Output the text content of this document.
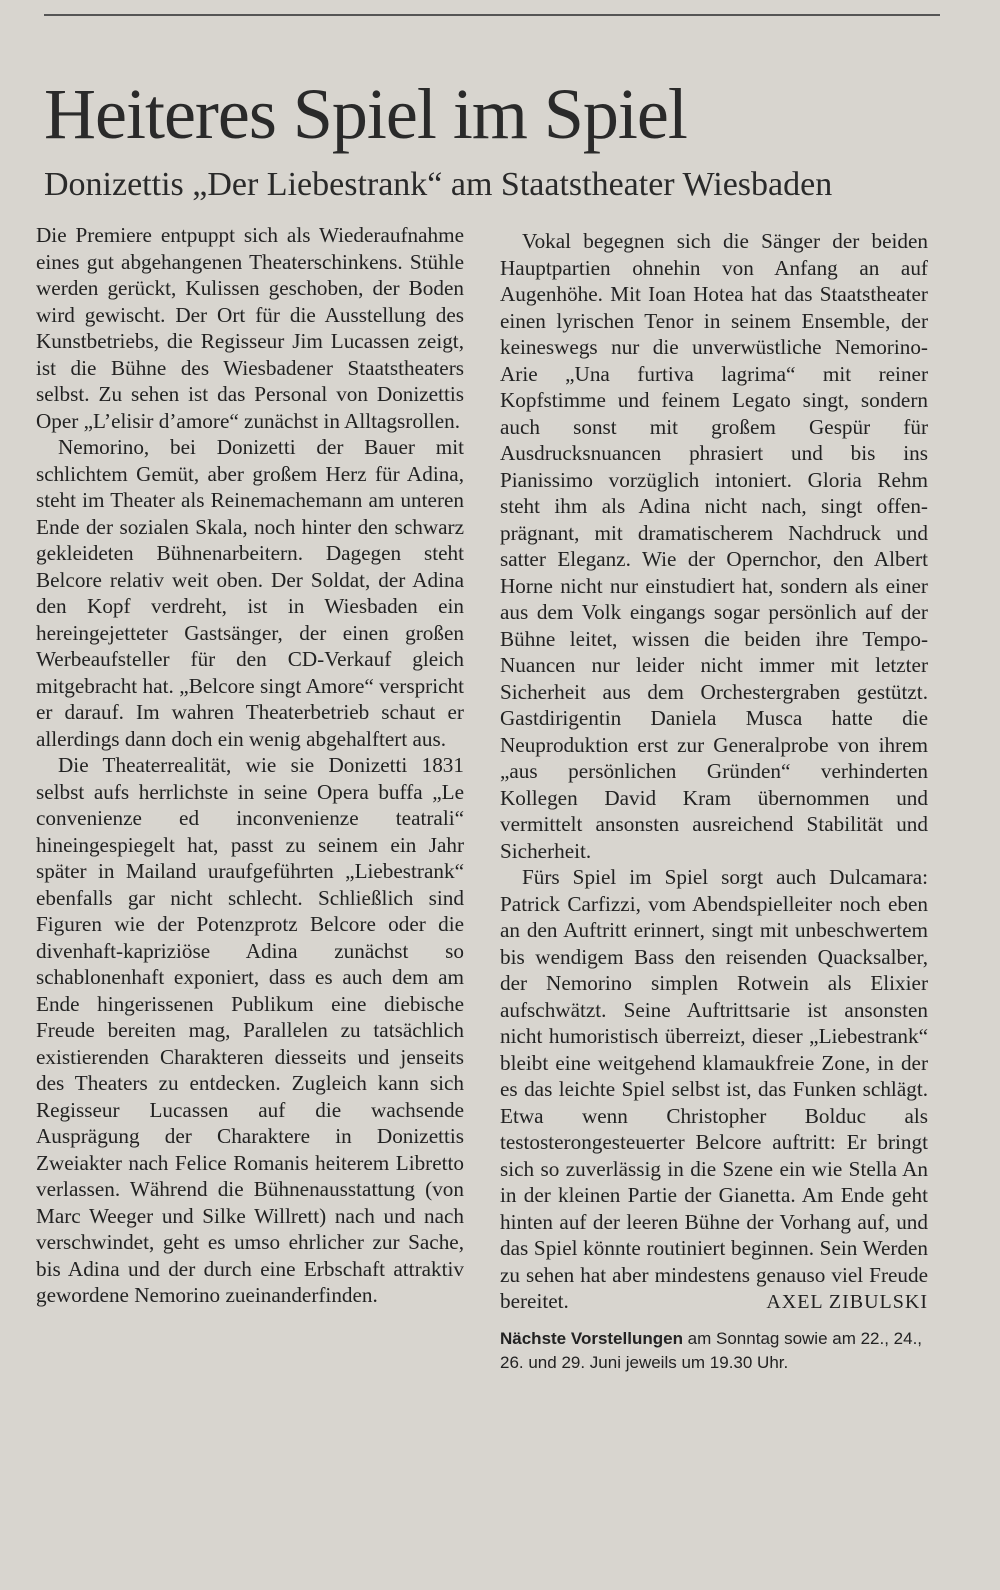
Heiteres Spiel im Spiel
Donizettis „Der Liebestrank“ am Staatstheater Wiesbaden

Die Premiere entpuppt sich als Wiederaufnahme eines gut abgehangenen Theaterschinkens. Stühle werden gerückt, Kulissen geschoben, der Boden wird gewischt. Der Ort für die Ausstellung des Kunstbetriebs, die Regisseur Jim Lucassen zeigt, ist die Bühne des Wiesbadener Staatstheaters selbst. Zu sehen ist das Personal von Donizettis Oper „L’elisir d’amore“ zunächst in Alltagsrollen.

Nemorino, bei Donizetti der Bauer mit schlichtem Gemüt, aber großem Herz für Adina, steht im Theater als Reinemachemann am unteren Ende der sozialen Skala, noch hinter den schwarz gekleideten Bühnenarbeitern. Dagegen steht Belcore relativ weit oben. Der Soldat, der Adina den Kopf verdreht, ist in Wiesbaden ein hereingejetteter Gastsänger, der einen großen Werbeaufsteller für den CD-Verkauf gleich mitgebracht hat. „Belcore singt Amore“ verspricht er darauf. Im wahren Theaterbetrieb schaut er allerdings dann doch ein wenig abgehalftert aus.

Die Theaterrealität, wie sie Donizetti 1831 selbst aufs herrlichste in seine Opera buffa „Le convenienze ed inconvenienze teatrali“ hineingespiegelt hat, passt zu seinem ein Jahr später in Mailand uraufgeführten „Liebestrank“ ebenfalls gar nicht schlecht. Schließlich sind Figuren wie der Potenzprotz Belcore oder die divenhaft-kapriziöse Adina zunächst so schablonenhaft exponiert, dass es auch dem am Ende hingerissenen Publikum eine diebische Freude bereiten mag, Parallelen zu tatsächlich existierenden Charakteren diesseits und jenseits des Theaters zu entdecken. Zugleich kann sich Regisseur Lucassen auf die wachsende Ausprägung der Charaktere in Donizettis Zweiakter nach Felice Romanis heiterem Libretto verlassen. Während die Bühnenausstattung (von Marc Weeger und Silke Willrett) nach und nach verschwindet, geht es umso ehrlicher zur Sache, bis Adina und der durch eine Erbschaft attraktiv gewordene Nemorino zueinanderfinden.

Vokal begegnen sich die Sänger der beiden Hauptpartien ohnehin von Anfang an auf Augenhöhe. Mit Ioan Hotea hat das Staatstheater einen lyrischen Tenor in seinem Ensemble, der keineswegs nur die unverwüstliche Nemorino-Arie „Una furtiva lagrima“ mit reiner Kopfstimme und feinem Legato singt, sondern auch sonst mit großem Gespür für Ausdrucksnuancen phrasiert und bis ins Pianissimo vorzüglich intoniert. Gloria Rehm steht ihm als Adina nicht nach, singt offen-prägnant, mit dramatischerem Nachdruck und satter Eleganz. Wie der Opernchor, den Albert Horne nicht nur einstudiert hat, sondern als einer aus dem Volk eingangs sogar persönlich auf der Bühne leitet, wissen die beiden ihre Tempo-Nuancen nur leider nicht immer mit letzter Sicherheit aus dem Orchestergraben gestützt. Gastdirigentin Daniela Musca hatte die Neuproduktion erst zur Generalprobe von ihrem „aus persönlichen Gründen“ verhinderten Kollegen David Kram übernommen und vermittelt ansonsten ausreichend Stabilität und Sicherheit.

Fürs Spiel im Spiel sorgt auch Dulcamara: Patrick Carfizzi, vom Abendspielleiter noch eben an den Auftritt erinnert, singt mit unbeschwertem bis wendigem Bass den reisenden Quacksalber, der Nemorino simplen Rotwein als Elixier aufschwätzt. Seine Auftrittsarie ist ansonsten nicht humoristisch überreizt, dieser „Liebestrank“ bleibt eine weitgehend klamaukfreie Zone, in der es das leichte Spiel selbst ist, das Funken schlägt. Etwa wenn Christopher Bolduc als testosterongesteuerter Belcore auftritt: Er bringt sich so zuverlässig in die Szene ein wie Stella An in der kleinen Partie der Gianetta. Am Ende geht hinten auf der leeren Bühne der Vorhang auf, und das Spiel könnte routiniert beginnen. Sein Werden zu sehen hat aber mindestens genauso viel Freude bereitet.	AXEL ZIBULSKI
Nächste Vorstellungen am Sonntag sowie am 22., 24., 26. und 29. Juni jeweils um 19.30 Uhr.
